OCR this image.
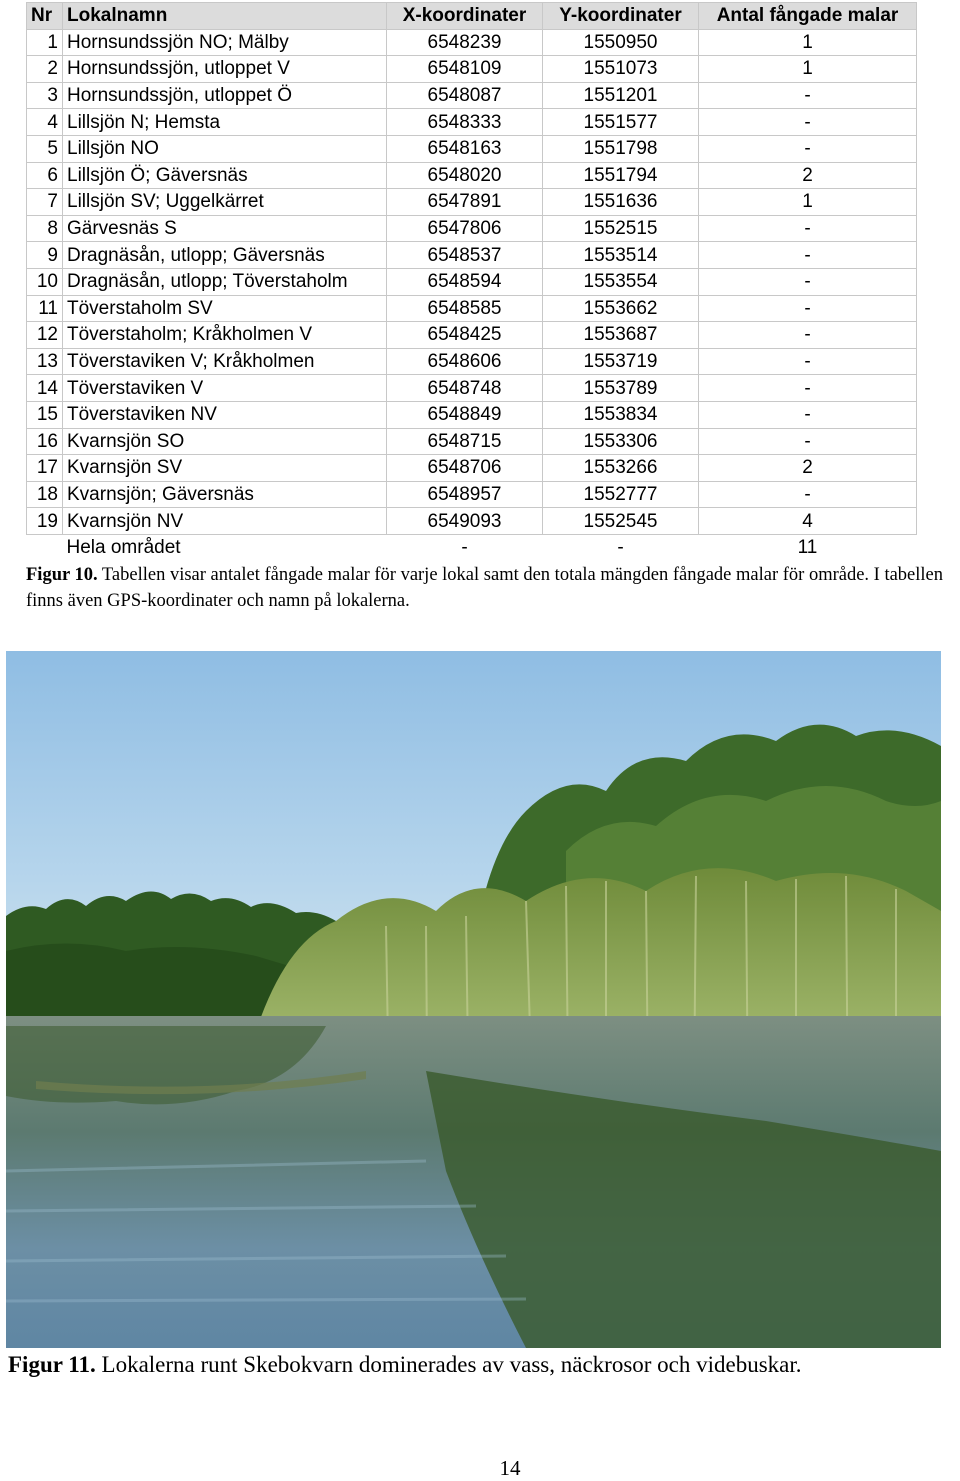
Nr	Lokalnamn	X-koordinater	Y-koordinater	Antal fångade malar
1	Hornsundssjön NO; Mälby	6548239	1550950	1
2	Hornsundssjön, utloppet V	6548109	1551073	1
3	Hornsundssjön, utloppet Ö	6548087	1551201	-
4	Lillsjön N; Hemsta	6548333	1551577	-
5	Lillsjön NO	6548163	1551798	-
6	Lillsjön Ö; Gäversnäs	6548020	1551794	2
7	Lillsjön SV; Uggelkärret	6547891	1551636	1
8	Gärvesnäs S	6547806	1552515	-
9	Dragnäsån, utlopp; Gäversnäs	6548537	1553514	-
10	Dragnäsån, utlopp; Töverstaholm	6548594	1553554	-
11	Töverstaholm SV	6548585	1553662	-
12	Töverstaholm; Kråkholmen V	6548425	1553687	-
13	Töverstaviken V; Kråkholmen	6548606	1553719	-
14	Töverstaviken V	6548748	1553789	-
15	Töverstaviken NV	6548849	1553834	-
16	Kvarnsjön SO	6548715	1553306	-
17	Kvarnsjön SV	6548706	1553266	2
18	Kvarnsjön; Gäversnäs	6548957	1552777	-
19	Kvarnsjön NV	6549093	1552545	4
	Hela området	-	-	11
Figur 10. Tabellen visar antalet fångade malar för varje lokal samt den totala mängden fångade malar för område. I tabellen finns även GPS-koordinater och namn på lokalerna.
Figur 11. Lokalerna runt Skebokvarn dominerades av vass, näckrosor och videbuskar.
14
